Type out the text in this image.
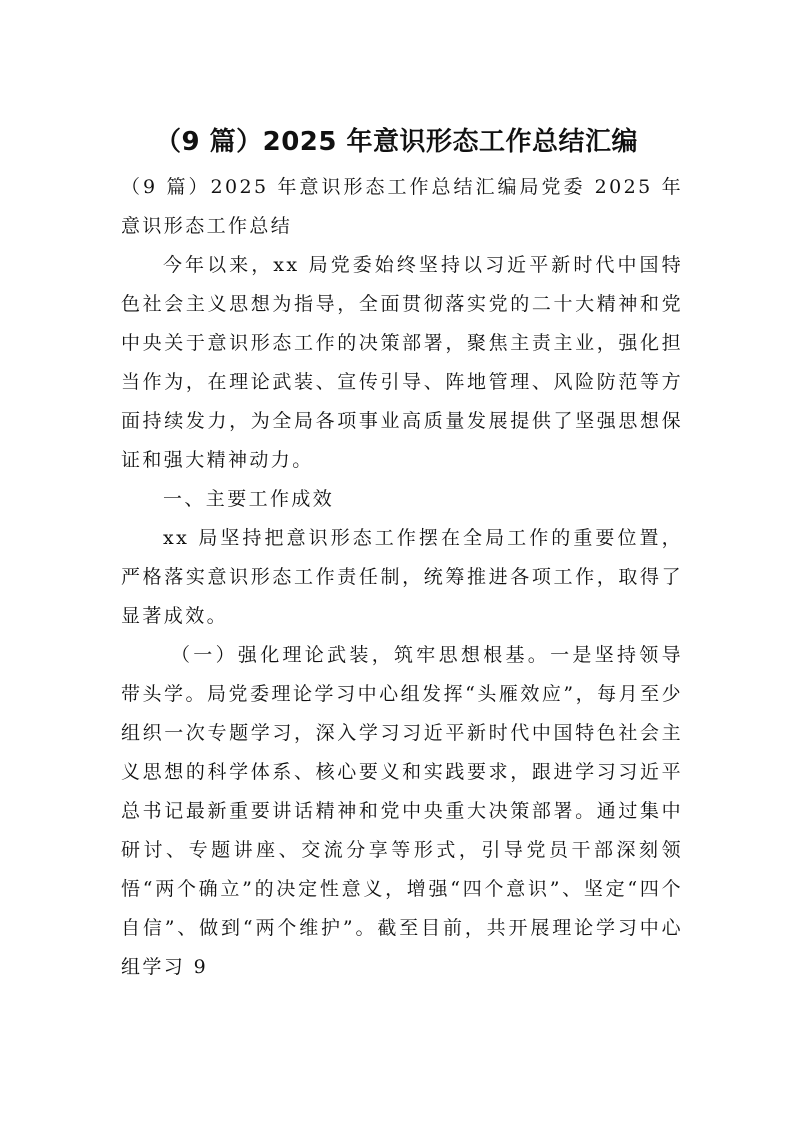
（9 篇）2025 年意识形态工作总结汇编

（9 篇）2025 年意识形态工作总结汇编局党委 2025 年意识形态工作总结

今年以来，xx 局党委始终坚持以习近平新时代中国特色社会主义思想为指导，全面贯彻落实党的二十大精神和党中央关于意识形态工作的决策部署，聚焦主责主业，强化担当作为，在理论武装、宣传引导、阵地管理、风险防范等方面持续发力，为全局各项事业高质量发展提供了坚强思想保证和强大精神动力。

一、主要工作成效

xx 局坚持把意识形态工作摆在全局工作的重要位置，严格落实意识形态工作责任制，统筹推进各项工作，取得了显著成效。

（一）强化理论武装，筑牢思想根基。一是坚持领导带头学。局党委理论学习中心组发挥“头雁效应”，每月至少组织一次专题学习，深入学习习近平新时代中国特色社会主义思想的科学体系、核心要义和实践要求，跟进学习习近平总书记最新重要讲话精神和党中央重大决策部署。通过集中研讨、专题讲座、交流分享等形式，引导党员干部深刻领悟“两个确立”的决定性意义，增强“四个意识”、坚定“四个自信”、做到“两个维护”。截至目前，共开展理论学习中心组学习 9
